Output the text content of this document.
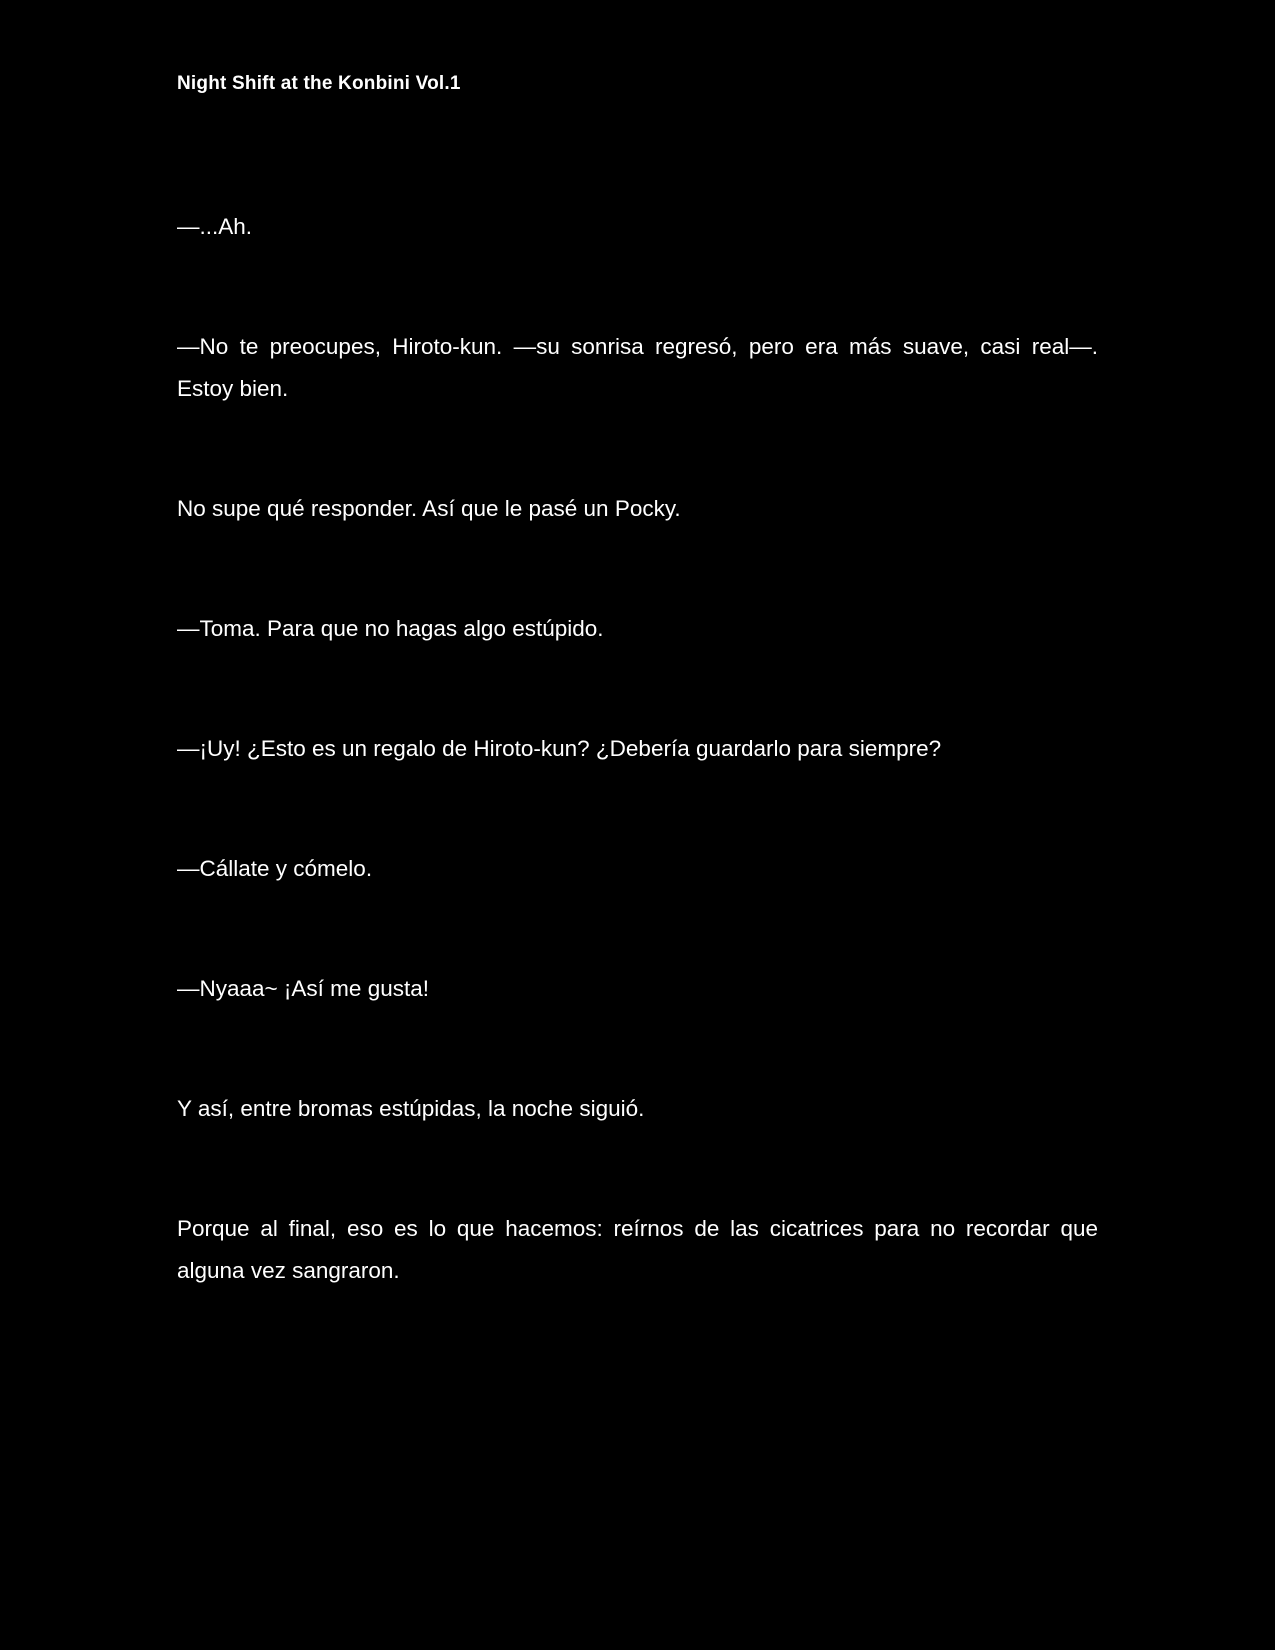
Night Shift at the Konbini Vol.1

—...Ah.

—No te preocupes, Hiroto-kun. —su sonrisa regresó, pero era más suave, casi real—. Estoy bien.

No supe qué responder. Así que le pasé un Pocky.

—Toma. Para que no hagas algo estúpido.

—¡Uy! ¿Esto es un regalo de Hiroto-kun? ¿Debería guardarlo para siempre?

—Cállate y cómelo.

—Nyaaa~ ¡Así me gusta!

Y así, entre bromas estúpidas, la noche siguió.

Porque al final, eso es lo que hacemos: reírnos de las cicatrices para no recordar que alguna vez sangraron.
